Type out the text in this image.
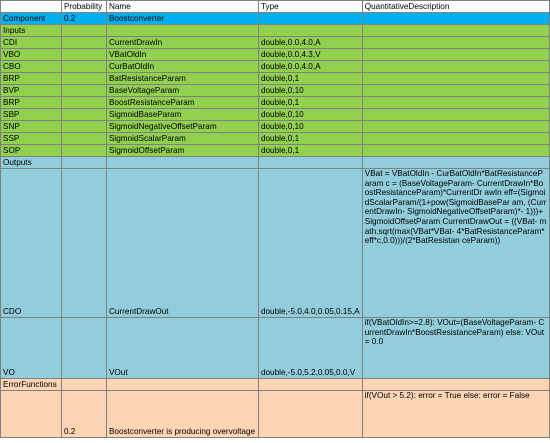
	Probability	Name	Type	QuantitativeDescription
Component	0.2	Boostconverter		
Inputs				
CDI		CurrentDrawIn	double,0.0,4.0,A	
VBO		VBatOldIn	double,0.0,4.3,V	
CBO		CurBatOldIn	double,0.0,4.0,A	
BRP		BatResistanceParam	double,0,1	
BVP		BaseVoltageParam	double,0,10	
BRP		BoostResistanceParam	double,0,1	
SBP		SigmoidBaseParam	double,0,10	
SNP		SigmoidNegativeOffsetParam	double,0,10	
SSP		SigmoidScalarParam	double,0,1	
SOP		SigmoidOffsetParam	double,0,1	
Outputs				
CDO		CurrentDrawOut	double,-5.0,4.0,0.05,0.15,A	VBat = VBatOldIn - CurBatOldIn*BatResistanceParam c = (BaseVoltageParam- CurrentDrawIn*BoostResistanceParam)*CurrentDr awIn eff=(SigmoidScalarParam/(1+pow(SigmoidBasePar am, (CurrentDrawIn- SigmoidNegativeOffsetParam)*- 1)))+SigmoidOffsetParam CurrentDrawOut = ((VBat- math.sqrt(max(VBat*VBat- 4*BatResistanceParam*eff*c,0.0)))/(2*BatResistan ceParam))
VO		VOut	double,-5.0,5.2,0.05,0.0,V	if(VBatOldIn>=2.8): VOut=(BaseVoltageParam- CurrentDrawIn*BoostResistanceParam) else: VOut = 0.0
ErrorFunctions				
	0.2	Boostconverter is producing overvoltage		if(VOut > 5.2): error = True else: error = False
